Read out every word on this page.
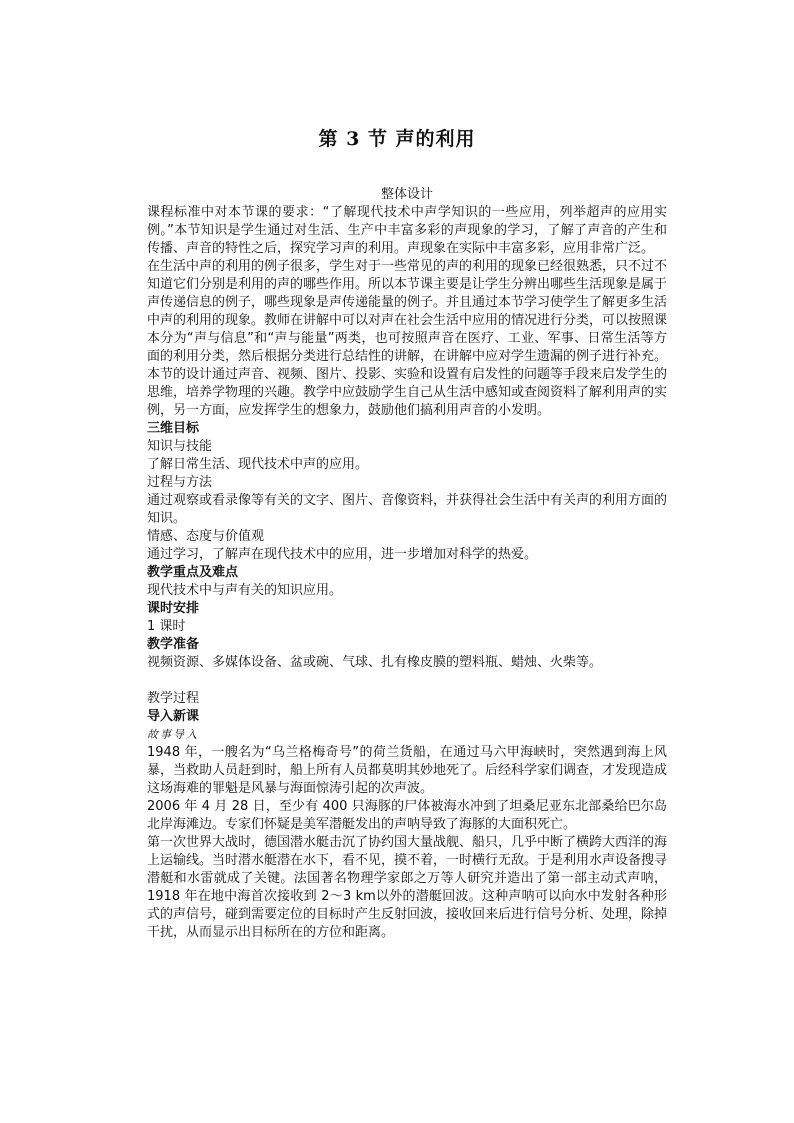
第 3 节 声的利用

整体设计

课程标准中对本节课的要求：“了解现代技术中声学知识的一些应用，列举超声的应用实例。”本节知识是学生通过对生活、生产中丰富多彩的声现象的学习，了解了声音的产生和传播、声音的特性之后，探究学习声的利用。声现象在实际中丰富多彩，应用非常广泛。

在生活中声的利用的例子很多，学生对于一些常见的声的利用的现象已经很熟悉，只不过不知道它们分别是利用的声的哪些作用。所以本节课主要是让学生分辨出哪些生活现象是属于声传递信息的例子，哪些现象是声传递能量的例子。并且通过本节学习使学生了解更多生活中声的利用的现象。教师在讲解中可以对声在社会生活中应用的情况进行分类，可以按照课本分为“声与信息”和“声与能量”两类，也可按照声音在医疗、工业、军事、日常生活等方面的利用分类，然后根据分类进行总结性的讲解，在讲解中应对学生遗漏的例子进行补充。

本节的设计通过声音、视频、图片、投影、实验和设置有启发性的问题等手段来启发学生的思维，培养学物理的兴趣。教学中应鼓励学生自己从生活中感知或查阅资料了解利用声的实例，另一方面，应发挥学生的想象力，鼓励他们搞利用声音的小发明。

三维目标

知识与技能

了解日常生活、现代技术中声的应用。

过程与方法

通过观察或看录像等有关的文字、图片、音像资料，并获得社会生活中有关声的利用方面的知识。

情感、态度与价值观

通过学习，了解声在现代技术中的应用，进一步增加对科学的热爱。

教学重点及难点

现代技术中与声有关的知识应用。

课时安排

1 课时

教学准备

视频资源、多媒体设备、盆或碗、气球、扎有橡皮膜的塑料瓶、蜡烛、火柴等。

教学过程

导入新课

故事导入

1948 年，一艘名为“乌兰格梅奇号”的荷兰货船，在通过马六甲海峡时，突然遇到海上风暴，当救助人员赶到时，船上所有人员都莫明其妙地死了。后经科学家们调查，才发现造成这场海难的罪魁是风暴与海面惊涛引起的次声波。

2006 年 4 月 28 日，至少有 400 只海豚的尸体被海水冲到了坦桑尼亚东北部桑给巴尔岛北岸海滩边。专家们怀疑是美军潜艇发出的声呐导致了海豚的大面积死亡。

第一次世界大战时，德国潜水艇击沉了协约国大量战舰、船只，几乎中断了横跨大西洋的海上运输线。当时潜水艇潜在水下，看不见，摸不着，一时横行无敌。于是利用水声设备搜寻潜艇和水雷就成了关键。法国著名物理学家郎之万等人研究并造出了第一部主动式声呐，1918 年在地中海首次接收到 2～3 km以外的潜艇回波。这种声呐可以向水中发射各种形式的声信号，碰到需要定位的目标时产生反射回波，接收回来后进行信号分析、处理，除掉干扰，从而显示出目标所在的方位和距离。
